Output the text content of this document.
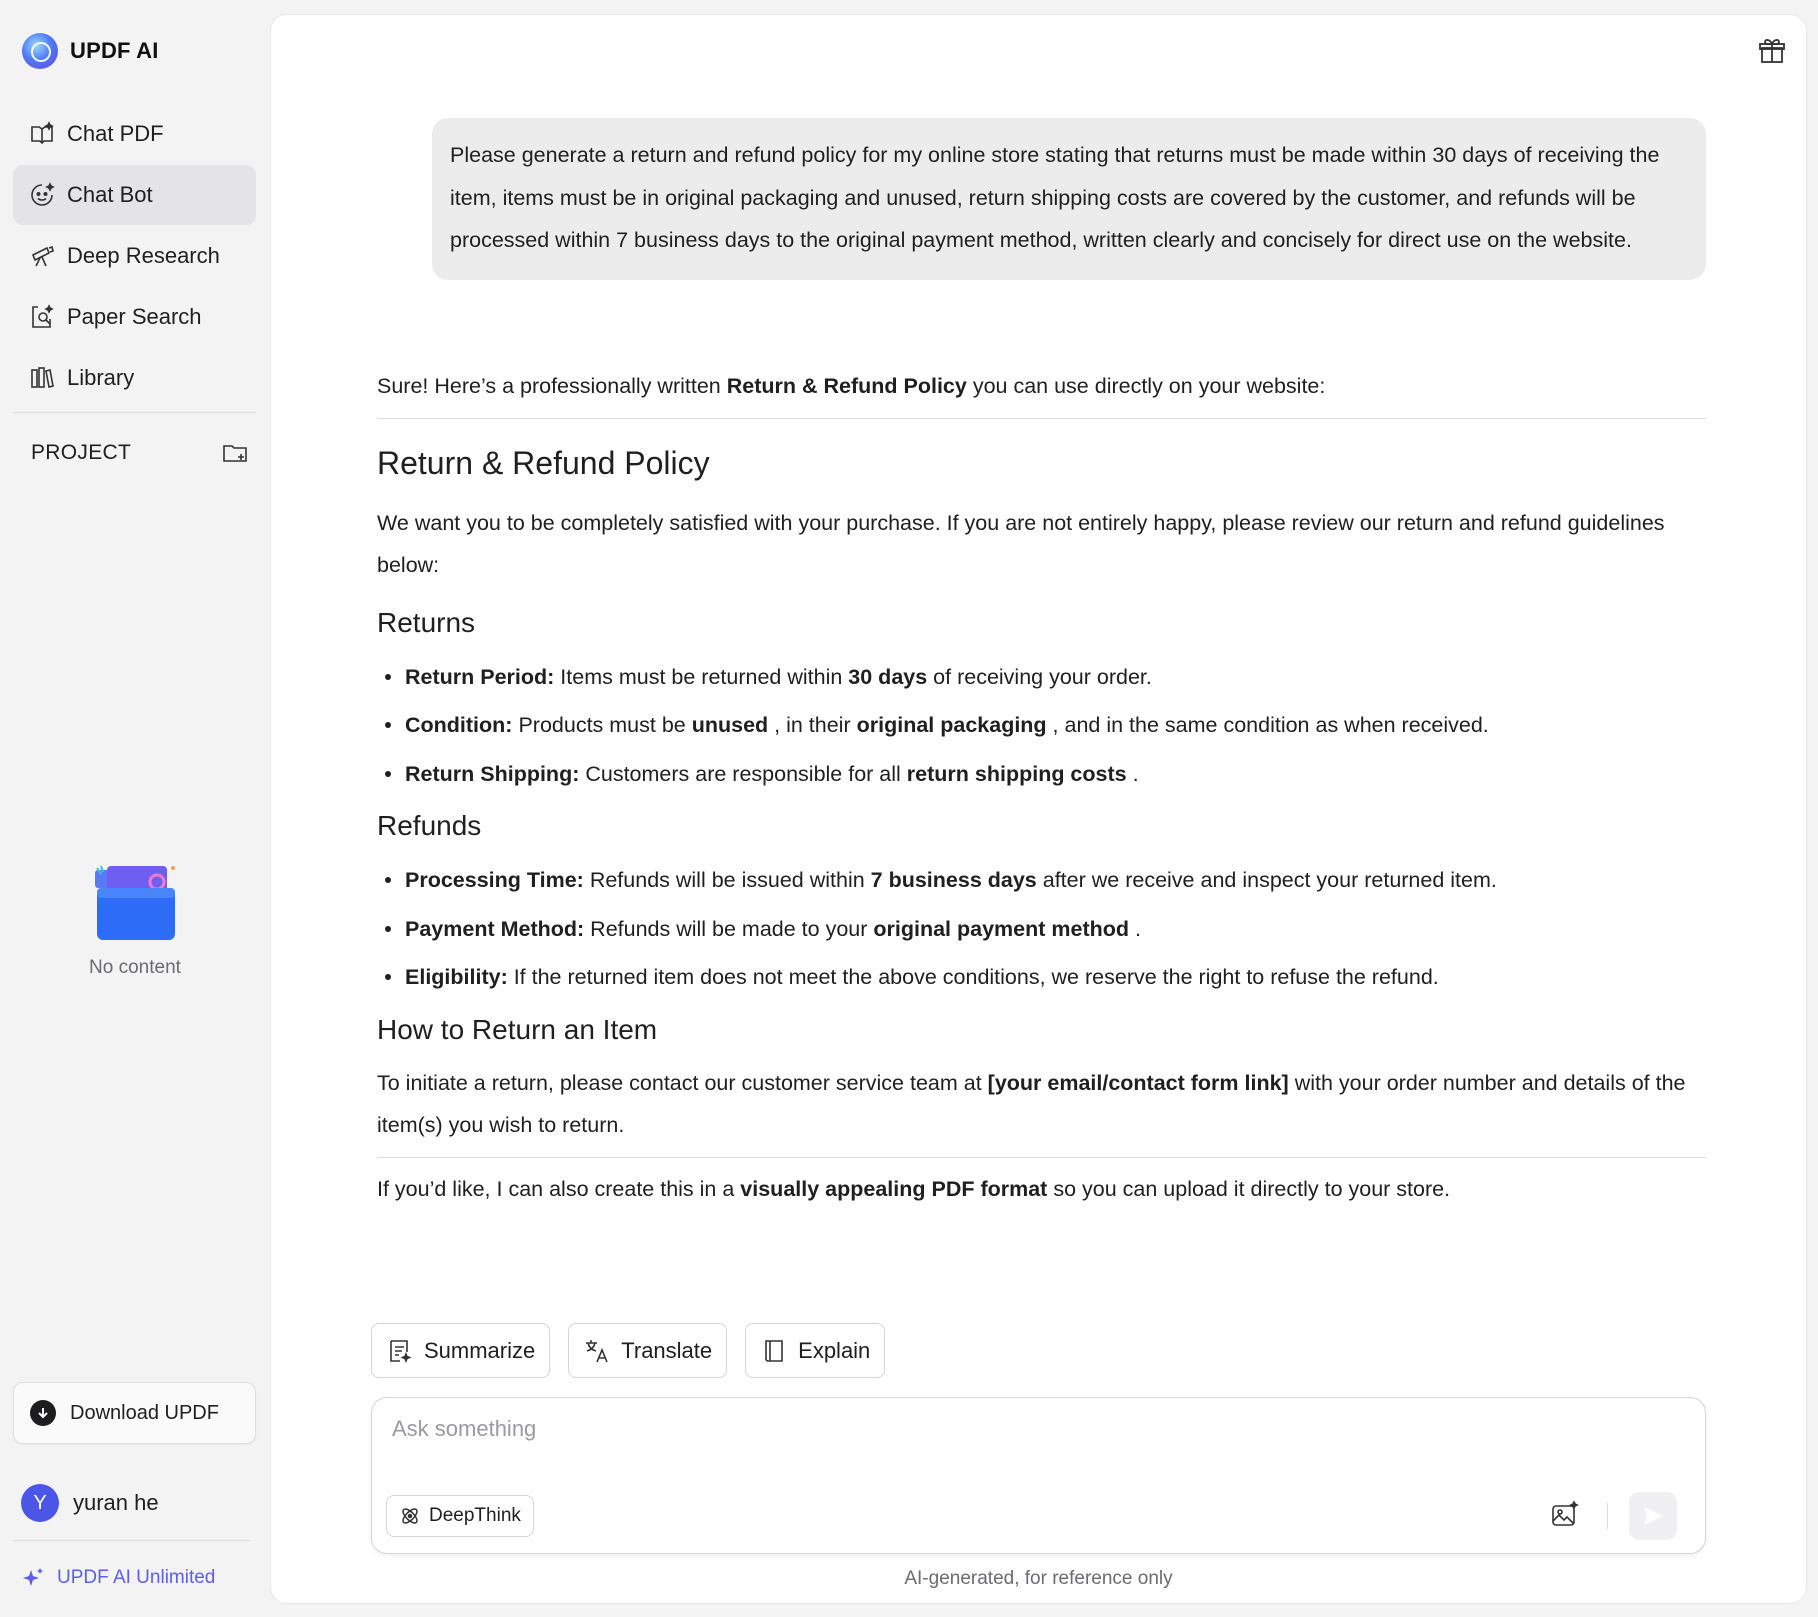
UPDF AI
Chat PDF
Chat Bot
Deep Research
Paper Search
Library
PROJECT
No content
Download UPDF
Y	yuran he
UPDF AI Unlimited
Please generate a return and refund policy for my online store stating that returns must be made within 30 days of receiving the item, items must be in original packaging and unused, return shipping costs are covered by the customer, and refunds will be processed within 7 business days to the original payment method, written clearly and concisely for direct use on the website.

Sure! Here’s a professionally written Return & Refund Policy you can use directly on your website:

Return & Refund Policy

We want you to be completely satisfied with your purchase. If you are not entirely happy, please review our return and refund guidelines below:

Returns
Return Period: Items must be returned within 30 days of receiving your order.
Condition: Products must be unused , in their original packaging , and in the same condition as when received.
Return Shipping: Customers are responsible for all return shipping costs .
Refunds
Processing Time: Refunds will be issued within 7 business days after we receive and inspect your returned item.
Payment Method: Refunds will be made to your original payment method .
Eligibility: If the returned item does not meet the above conditions, we reserve the right to refuse the refund.
How to Return an Item

To initiate a return, please contact our customer service team at [your email/contact form link] with your order number and details of the item(s) you wish to return.

If you’d like, I can also create this in a visually appealing PDF format so you can upload it directly to your store.

Summarize	Translate	Explain
Ask something
DeepThink
AI-generated, for reference only
